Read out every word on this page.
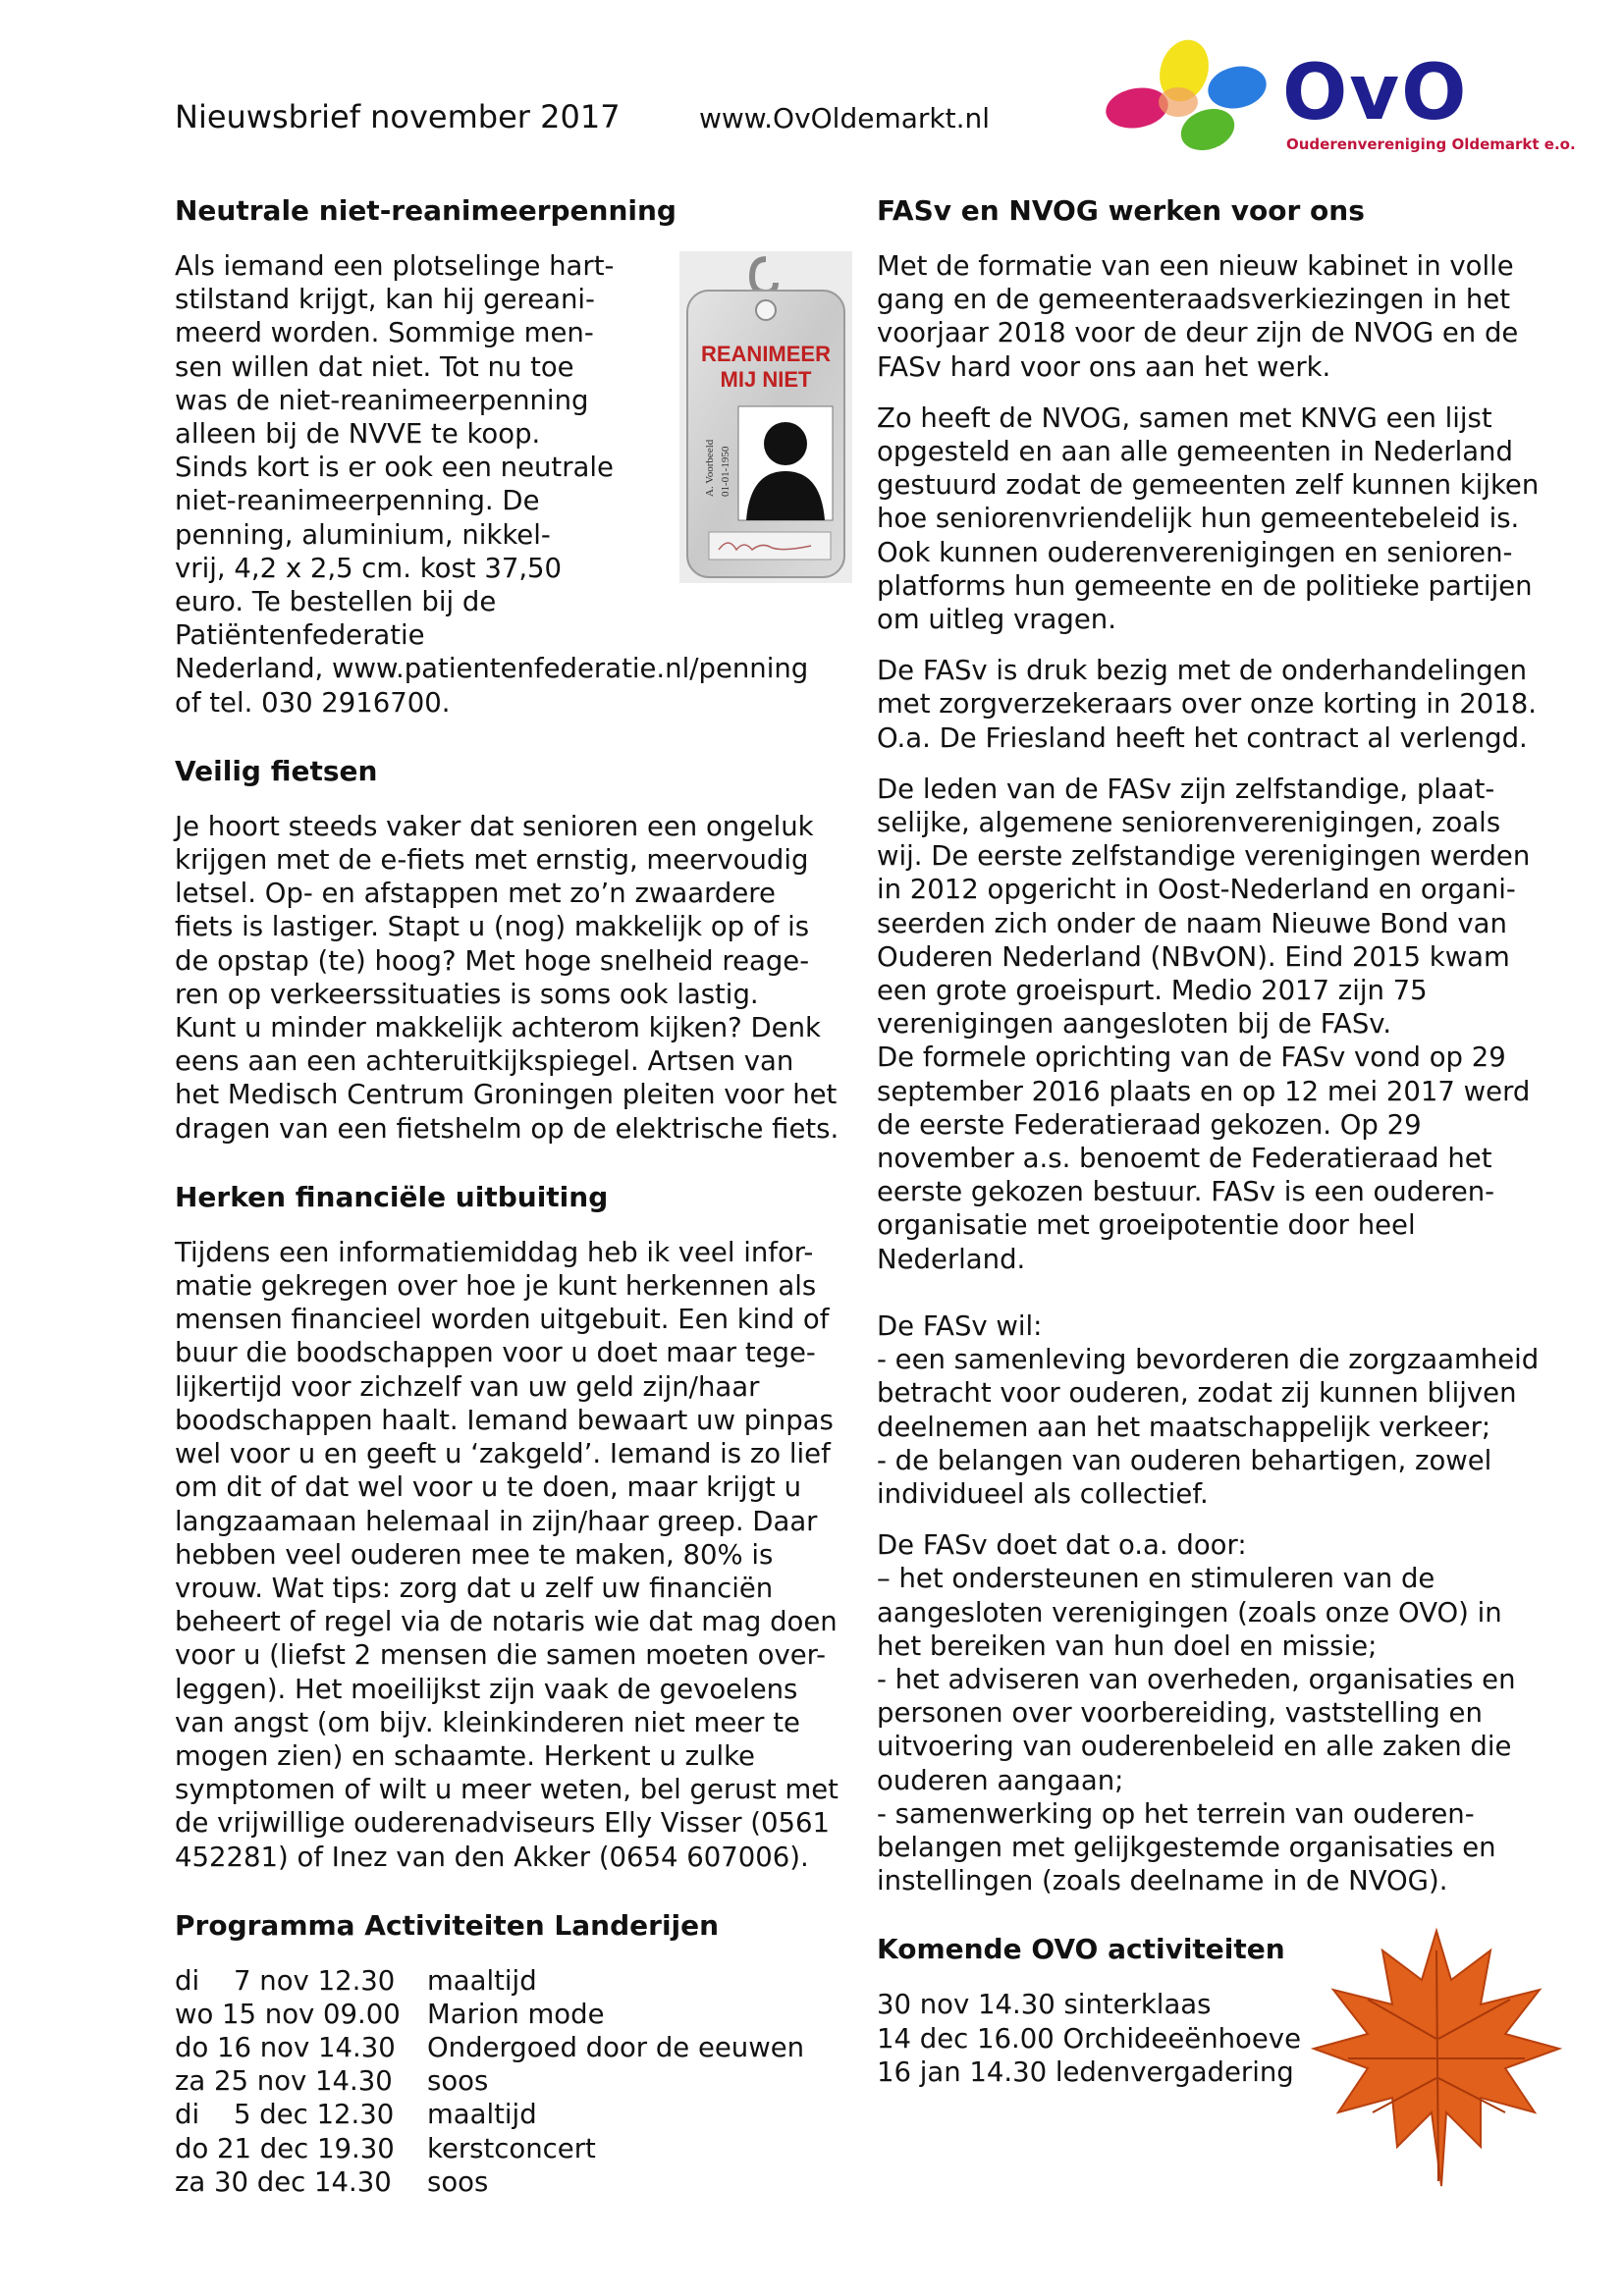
Nieuwsbrief november 2017	www.OvOldemarkt.nl	OvO
Ouderenvereniging Oldemarkt e.o.
Neutrale niet-reanimeerpenning
REANIMEER
MIJ NIET
A. Voorbeeld 01-01-1950

Als iemand een plotselinge hart-

stilstand krijgt, kan hij gereani-

meerd worden. Sommige men-

sen willen dat niet. Tot nu toe

was de niet-reanimeerpenning

alleen bij de NVVE te koop.

Sinds kort is er ook een neutrale

niet-reanimeerpenning. De

penning, aluminium, nikkel-

vrij, 4,2 x 2,5 cm. kost 37,50

euro. Te bestellen bij de Patiëntenfederatie

Nederland, www.patientenfederatie.nl/penning

of tel. 030 2916700.

Veilig fietsen

Je hoort steeds vaker dat senioren een ongeluk

krijgen met de e-fiets met ernstig, meervoudig

letsel. Op- en afstappen met zo’n zwaardere

fiets is lastiger. Stapt u (nog) makkelijk op of is

de opstap (te) hoog? Met hoge snelheid reage-

ren op verkeerssituaties is soms ook lastig.

Kunt u minder makkelijk achterom kijken? Denk

eens aan een achteruitkijkspiegel. Artsen van

het Medisch Centrum Groningen pleiten voor het

dragen van een fietshelm op de elektrische fiets.

Herken financiële uitbuiting

Tijdens een informatiemiddag heb ik veel infor-

matie gekregen over hoe je kunt herkennen als

mensen financieel worden uitgebuit. Een kind of

buur die boodschappen voor u doet maar tege-

lijkertijd voor zichzelf van uw geld zijn/haar

boodschappen haalt. Iemand bewaart uw pinpas

wel voor u en geeft u ‘zakgeld’. Iemand is zo lief

om dit of dat wel voor u te doen, maar krijgt u

langzaamaan helemaal in zijn/haar greep. Daar

hebben veel ouderen mee te maken, 80% is

vrouw. Wat tips: zorg dat u zelf uw financiën

beheert of regel via de notaris wie dat mag doen

voor u (liefst 2 mensen die samen moeten over-

leggen). Het moeilijkst zijn vaak de gevoelens

van angst (om bijv. kleinkinderen niet meer te

mogen zien) en schaamte. Herkent u zulke

symptomen of wilt u meer weten, bel gerust met

de vrijwillige ouderenadviseurs Elly Visser (0561

452281) of Inez van den Akker (0654 607006).

Programma Activiteiten Landerijen
di    7 nov 12.30	maaltijd
wo 15 nov 09.00 Marion mode
do 16 nov 14.30	Ondergoed door de eeuwen
za 25 nov 14.30	soos
di    5 dec 12.30	maaltijd
do 21 dec 19.30	kerstconcert
za 30 dec 14.30	soos
FASv en NVOG werken voor ons

Met de formatie van een nieuw kabinet in volle

gang en de gemeenteraadsverkiezingen in het

voorjaar 2018 voor de deur zijn de NVOG en de

FASv hard voor ons aan het werk.

Zo heeft de NVOG, samen met KNVG een lijst

opgesteld en aan alle gemeenten in Nederland

gestuurd zodat de gemeenten zelf kunnen kijken

hoe seniorenvriendelijk hun gemeentebeleid is.

Ook kunnen ouderenverenigingen en senioren-

platforms hun gemeente en de politieke partijen

om uitleg vragen.

De FASv is druk bezig met de onderhandelingen

met zorgverzekeraars over onze korting in 2018.

O.a. De Friesland heeft het contract al verlengd.

De leden van de FASv zijn zelfstandige, plaat-

selijke, algemene seniorenverenigingen, zoals

wij. De eerste zelfstandige verenigingen werden

in 2012 opgericht in Oost-Nederland en organi-

seerden zich onder de naam Nieuwe Bond van

Ouderen Nederland (NBvON). Eind 2015 kwam

een grote groeispurt. Medio 2017 zijn 75

verenigingen aangesloten bij de FASv.

De formele oprichting van de FASv vond op 29

september 2016 plaats en op 12 mei 2017 werd

de eerste Federatieraad gekozen. Op 29

november a.s. benoemt de Federatieraad het

eerste gekozen bestuur. FASv is een ouderen-

organisatie met groeipotentie door heel

Nederland.

De FASv wil:

- een samenleving bevorderen die zorgzaamheid

betracht voor ouderen, zodat zij kunnen blijven

deelnemen aan het maatschappelijk verkeer;

- de belangen van ouderen behartigen, zowel

individueel als collectief.

De FASv doet dat o.a. door:

– het ondersteunen en stimuleren van de

aangesloten verenigingen (zoals onze OVO) in

het bereiken van hun doel en missie;

- het adviseren van overheden, organisaties en

personen over voorbereiding, vaststelling en

uitvoering van ouderenbeleid en alle zaken die

ouderen aangaan;

- samenwerking op het terrein van ouderen-

belangen met gelijkgestemde organisaties en

instellingen (zoals deelname in de NVOG).

Komende OVO activiteiten

30 nov 14.30 sinterklaas

14 dec 16.00 Orchideeënhoeve

16 jan 14.30 ledenvergadering
